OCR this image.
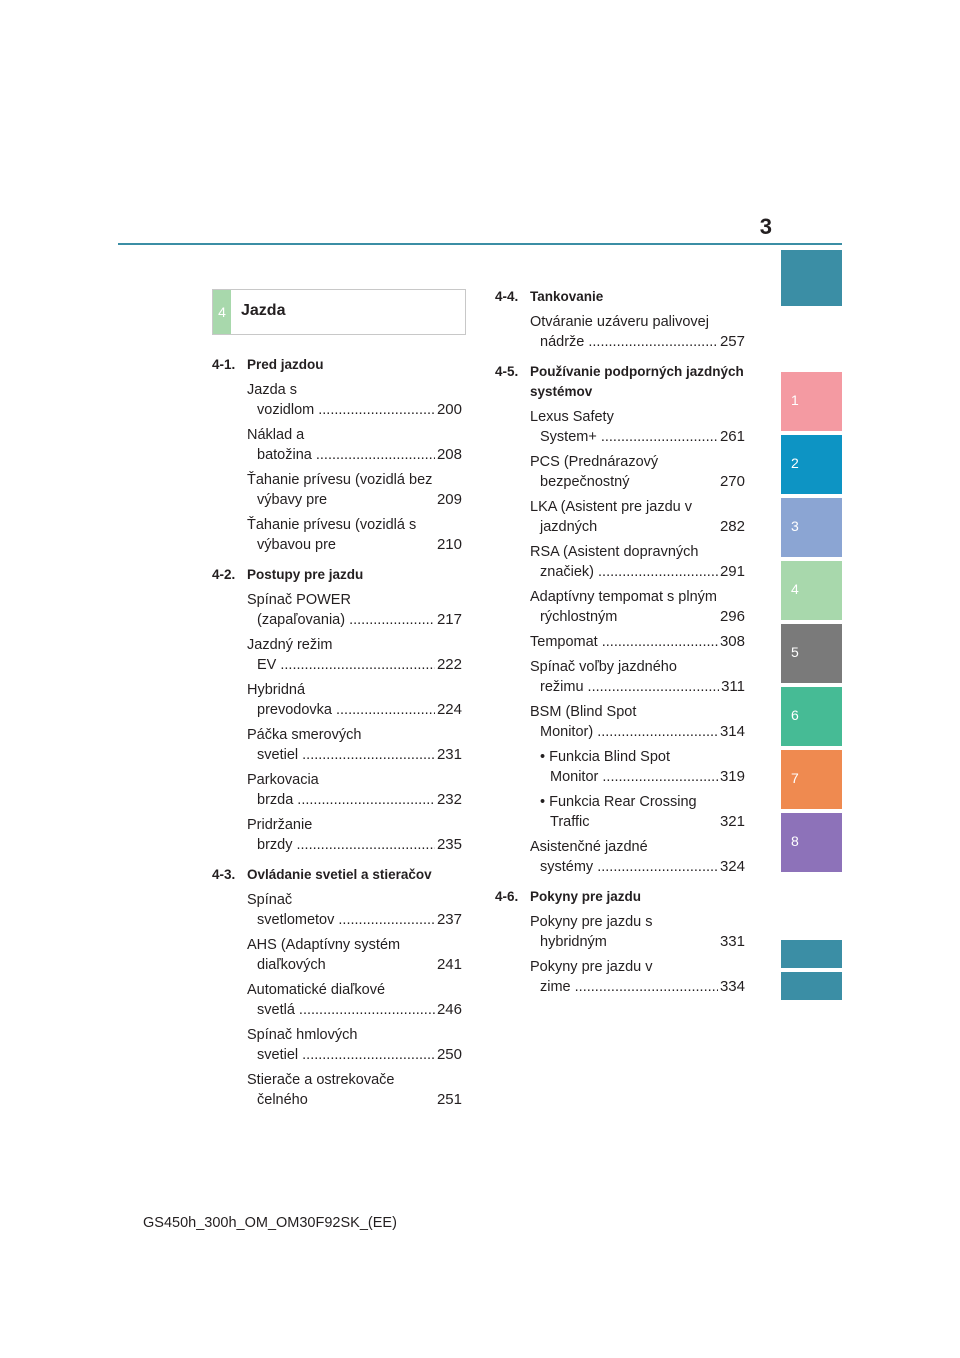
3
1
2
3
4
5
6
7
8
4 Jazda
4-1. Pred jazdou
Jazda s vozidlom .....	200
Náklad a batožina .....	208
Ťahanie prívesu (vozidlá bez výbavy pre .....	209
Ťahanie prívesu (vozidlá s výbavou pre .....	210
4-2. Postupy pre jazdu
Spínač POWER (zapaľovania) .....	217
Jazdný režim EV .....	222
Hybridná prevodovka .....	224
Páčka smerových svetiel .....	231
Parkovacia brzda .....	232
Pridržanie brzdy .....	235
4-3. Ovládanie svetiel a stieračov
Spínač svetlometov .....	237
AHS (Adaptívny systém diaľkových .....	241
Automatické diaľkové svetlá .....	246
Spínač hmlových svetiel .....	250
Stierače a ostrekovače čelného .....	251
4-4. Tankovanie
Otváranie uzáveru palivovej nádrže .....	257
4-5. Používanie podporných jazdných systémov
Lexus Safety System+ .....	261
PCS (Prednárazový bezpečnostný .....	270
LKA (Asistent pre jazdu v jazdných .....	282
RSA (Asistent dopravných značiek) .....	291
Adaptívny tempomat s plným rýchlostným .....	296
Tempomat .....	308
Spínač voľby jazdného režimu .....	311
BSM (Blind Spot Monitor) .....	314
• Funkcia Blind Spot Monitor .....	319
• Funkcia Rear Crossing Traffic .....	321
Asistenčné jazdné systémy .....	324
4-6. Pokyny pre jazdu
Pokyny pre jazdu s hybridným .....	331
Pokyny pre jazdu v zime .....	334
GS450h_300h_OM_OM30F92SK_(EE)
